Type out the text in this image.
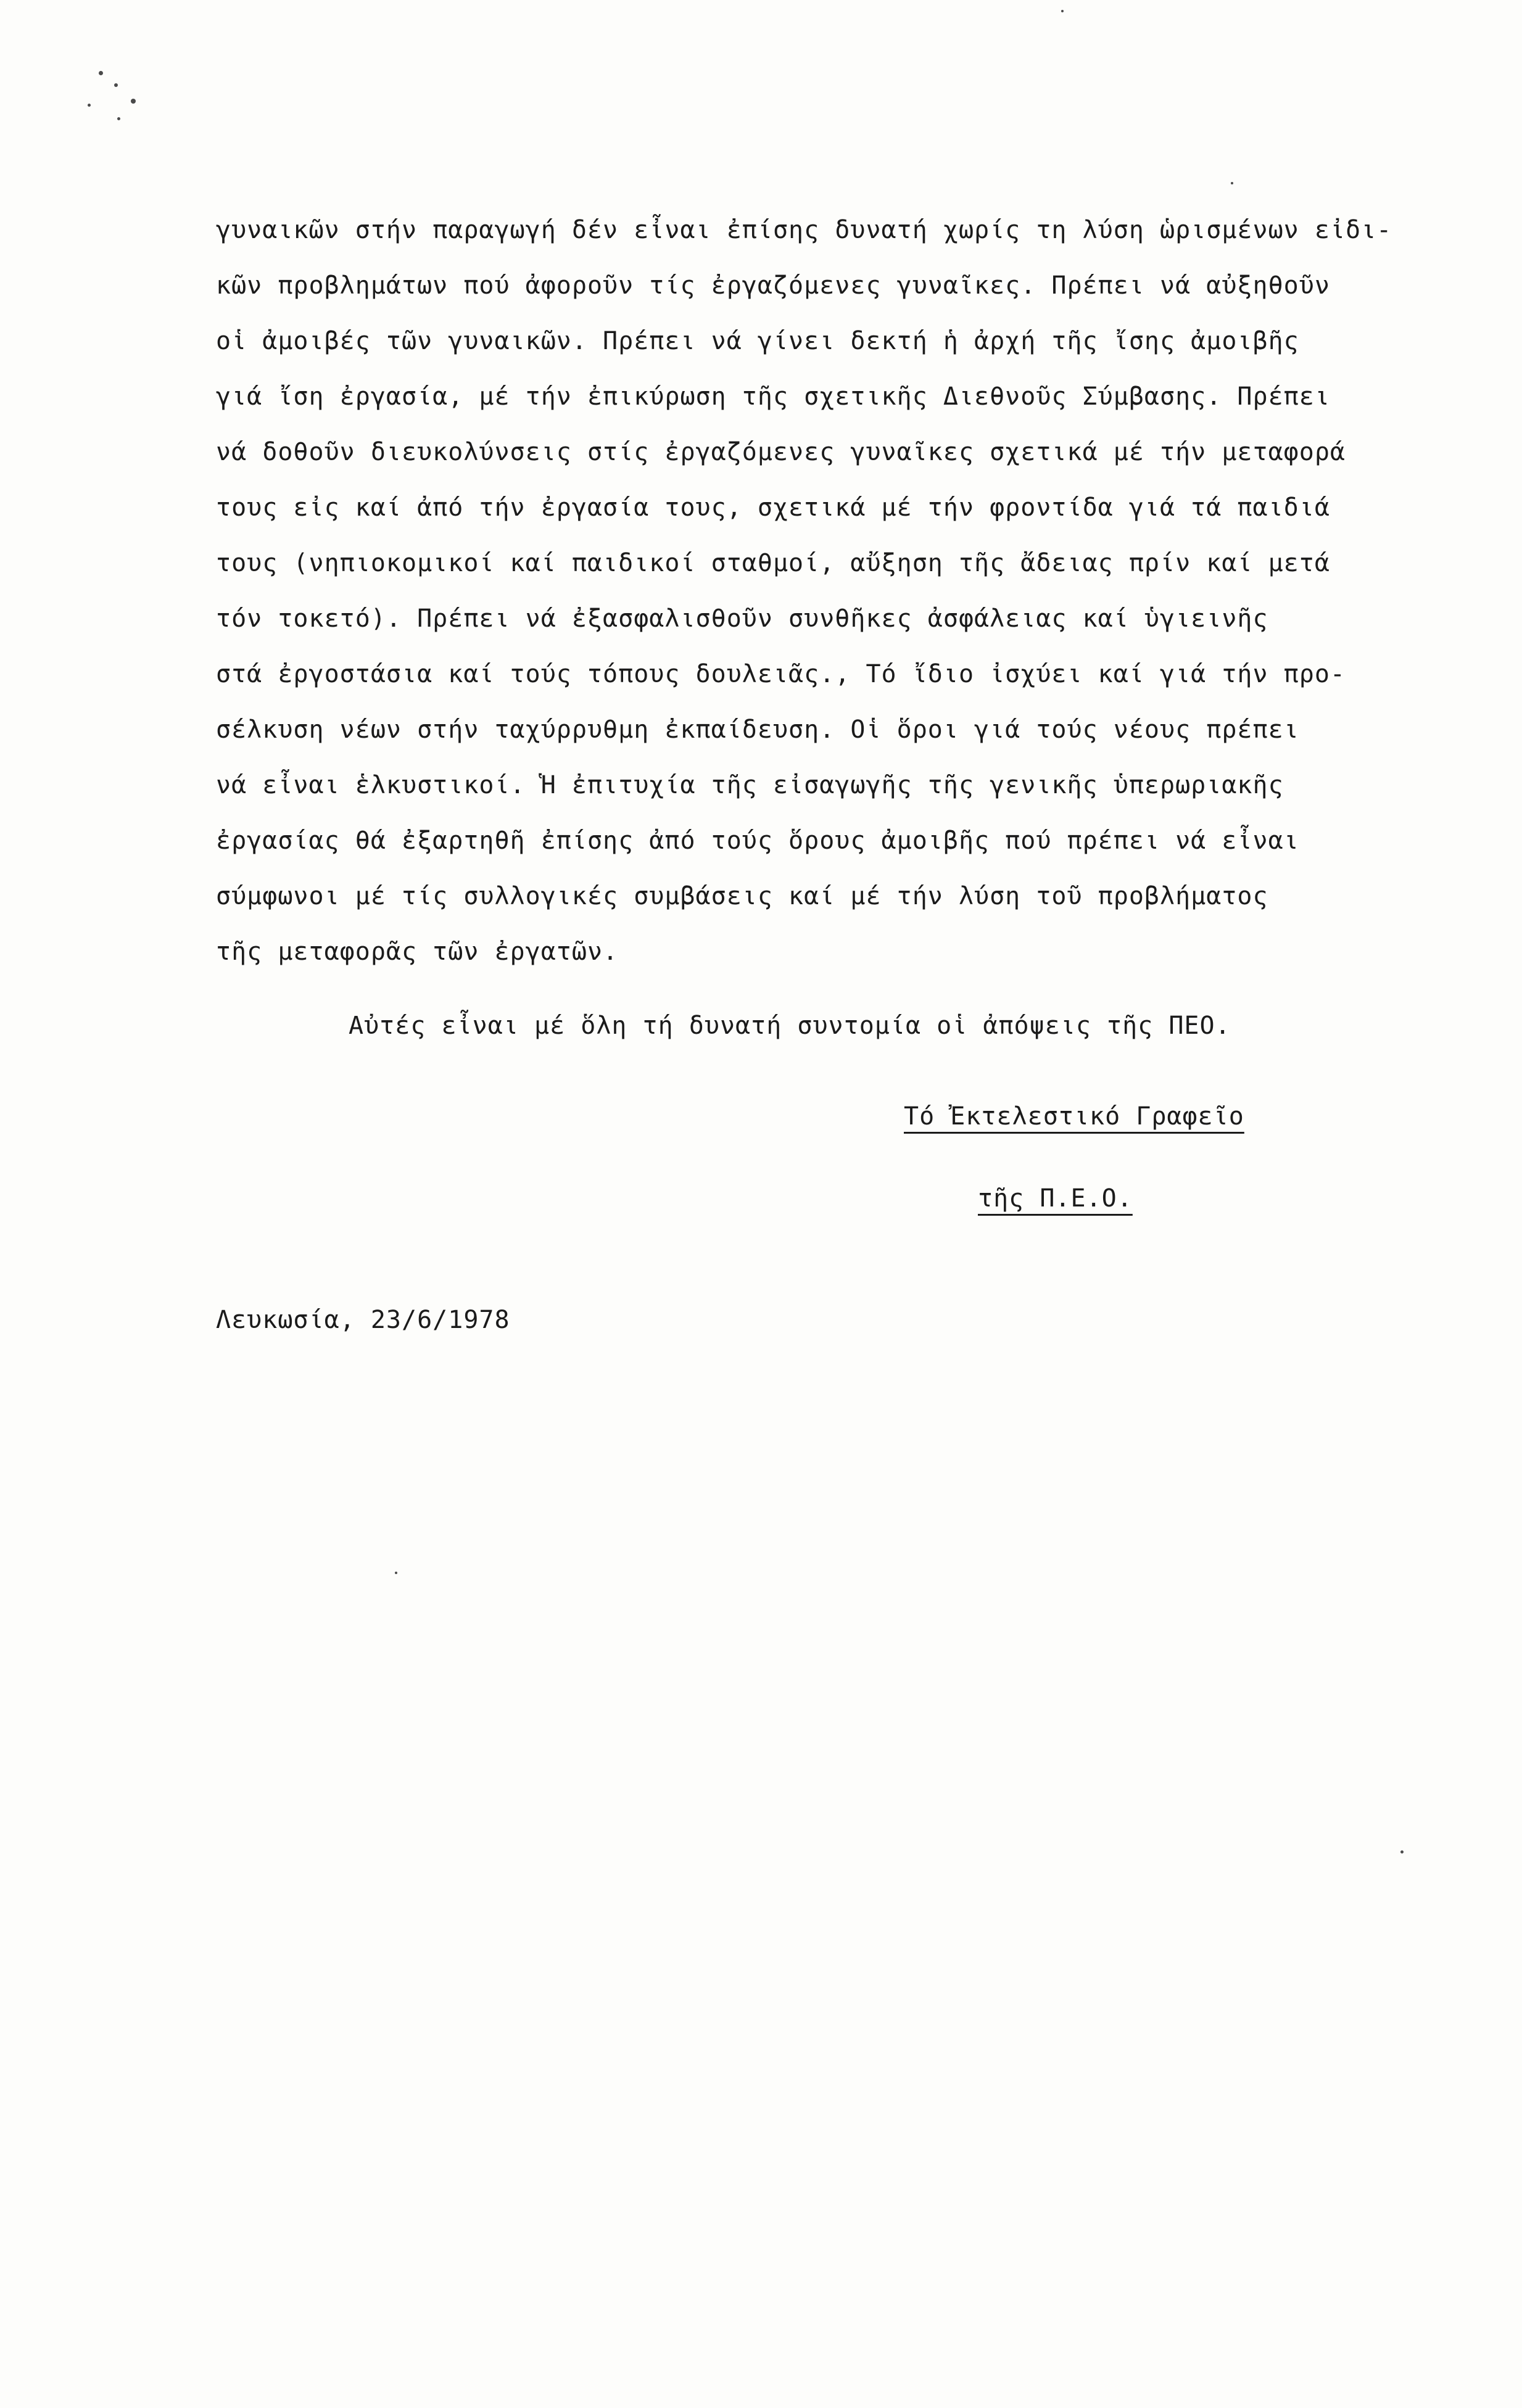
γυναικῶν στήν παραγωγή δέν εἶναι ἐπίσης δυνατή χωρίς τη λύση ὡρισμένων εἰδι-
κῶν προβλημάτων πού ἀφοροῦν τίς ἐργαζόμενες γυναῖκες. Πρέπει νά αὐξηθοῦν
οἱ ἀμοιβές τῶν γυναικῶν. Πρέπει νά γίνει δεκτή ἡ ἀρχή τῆς ἴσης ἀμοιβῆς
γιά ἴση ἐργασία, μέ τήν ἐπικύρωση τῆς σχετικῆς Διεθνοῦς Σύμβασης. Πρέπει
νά δοθοῦν διευκολύνσεις στίς ἐργαζόμενες γυναῖκες σχετικά μέ τήν μεταφορά
τους εἰς καί ἀπό τήν ἐργασία τους, σχετικά μέ τήν φροντίδα γιά τά παιδιά
τους (νηπιοκομικοί καί παιδικοί σταθμοί, αὔξηση τῆς ἄδειας πρίν καί μετά
τόν τοκετό). Πρέπει νά ἐξασφαλισθοῦν συνθῆκες ἀσφάλειας καί ὑγιεινῆς
στά ἐργοστάσια καί τούς τόπους δουλειᾶς., Τό ἴδιο ἰσχύει καί γιά τήν προ-
σέλκυση νέων στήν ταχύρρυθμη ἐκπαίδευση. Οἱ ὅροι γιά τούς νέους πρέπει
νά εἶναι ἑλκυστικοί. Ἡ ἐπιτυχία τῆς εἰσαγωγῆς τῆς γενικῆς ὑπερωριακῆς
ἐργασίας θά ἐξαρτηθῆ ἐπίσης ἀπό τούς ὅρους ἀμοιβῆς πού πρέπει νά εἶναι
σύμφωνοι μέ τίς συλλογικές συμβάσεις καί μέ τήν λύση τοῦ προβλήματος
τῆς μεταφορᾶς τῶν ἐργατῶν.
Αὐτές εἶναι μέ ὅλη τή δυνατή συντομία οἱ ἀπόψεις τῆς ΠΕΟ.
Τό Ἐκτελεστικό Γραφεῖο
τῆς Π.Ε.Ο.
Λευκωσία, 23/6/1978
